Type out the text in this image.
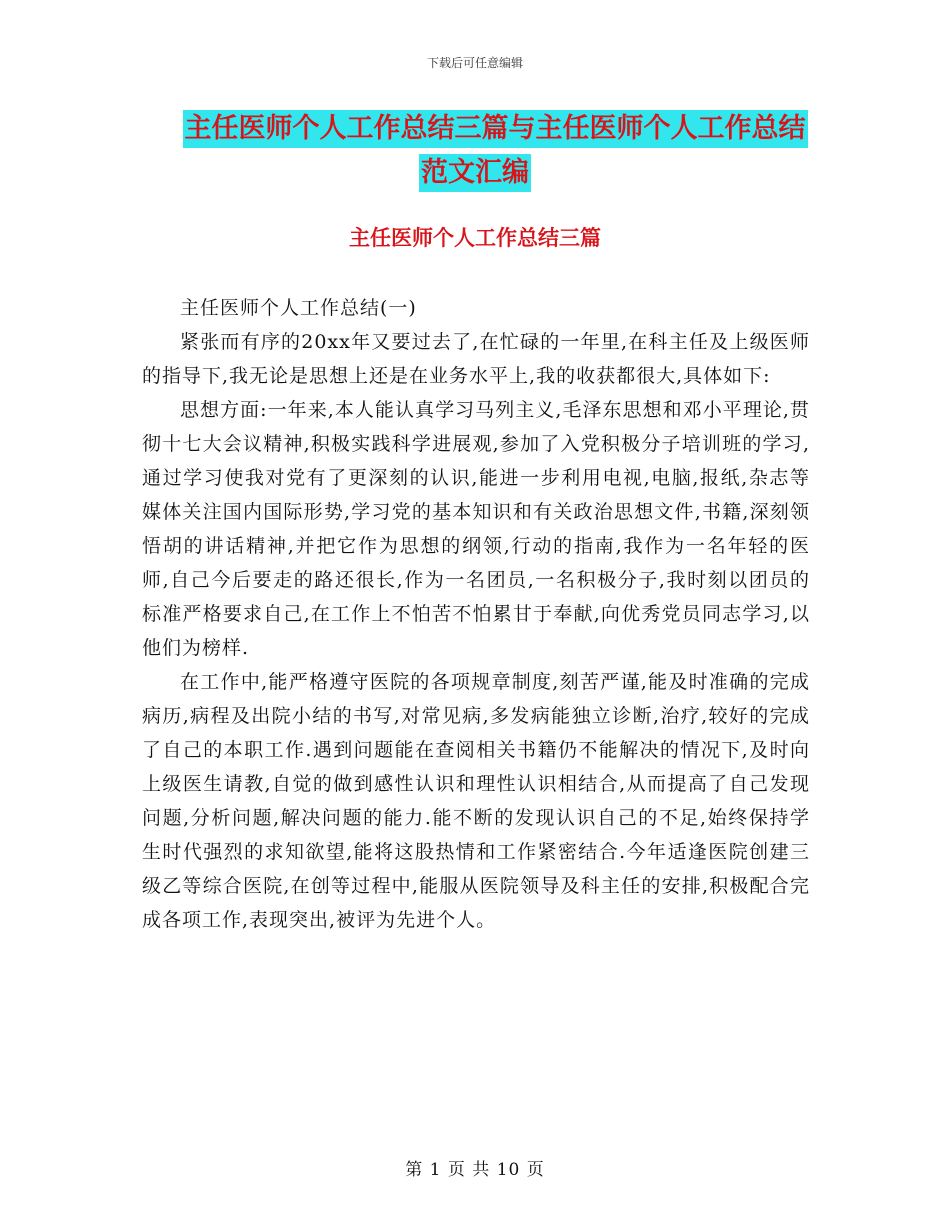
下载后可任意编辑
主任医师个人工作总结三篇与主任医师个人工作总结
范文汇编
主任医师个人工作总结三篇

主任医师个人工作总结(一)

紧张而有序的20xx年又要过去了,在忙碌的一年里,在科主任及上级医师的指导下,我无论是思想上还是在业务水平上,我的收获都很大,具体如下:

思想方面:一年来,本人能认真学习马列主义,毛泽东思想和邓小平理论,贯彻十七大会议精神,积极实践科学进展观,参加了入党积极分子培训班的学习,通过学习使我对党有了更深刻的认识,能进一步利用电视,电脑,报纸,杂志等媒体关注国内国际形势,学习党的基本知识和有关政治思想文件,书籍,深刻领悟胡的讲话精神,并把它作为思想的纲领,行动的指南,我作为一名年轻的医师,自己今后要走的路还很长,作为一名团员,一名积极分子,我时刻以团员的标准严格要求自己,在工作上不怕苦不怕累甘于奉献,向优秀党员同志学习,以他们为榜样.

在工作中,能严格遵守医院的各项规章制度,刻苦严谨,能及时准确的完成病历,病程及出院小结的书写,对常见病,多发病能独立诊断,治疗,较好的完成了自己的本职工作.遇到问题能在查阅相关书籍仍不能解决的情况下,及时向上级医生请教,自觉的做到感性认识和理性认识相结合,从而提高了自己发现问题,分析问题,解决问题的能力.能不断的发现认识自己的不足,始终保持学生时代强烈的求知欲望,能将这股热情和工作紧密结合.今年适逢医院创建三级乙等综合医院,在创等过程中,能服从医院领导及科主任的安排,积极配合完成各项工作,表现突出,被评为先进个人。

第 1 页 共 10 页
